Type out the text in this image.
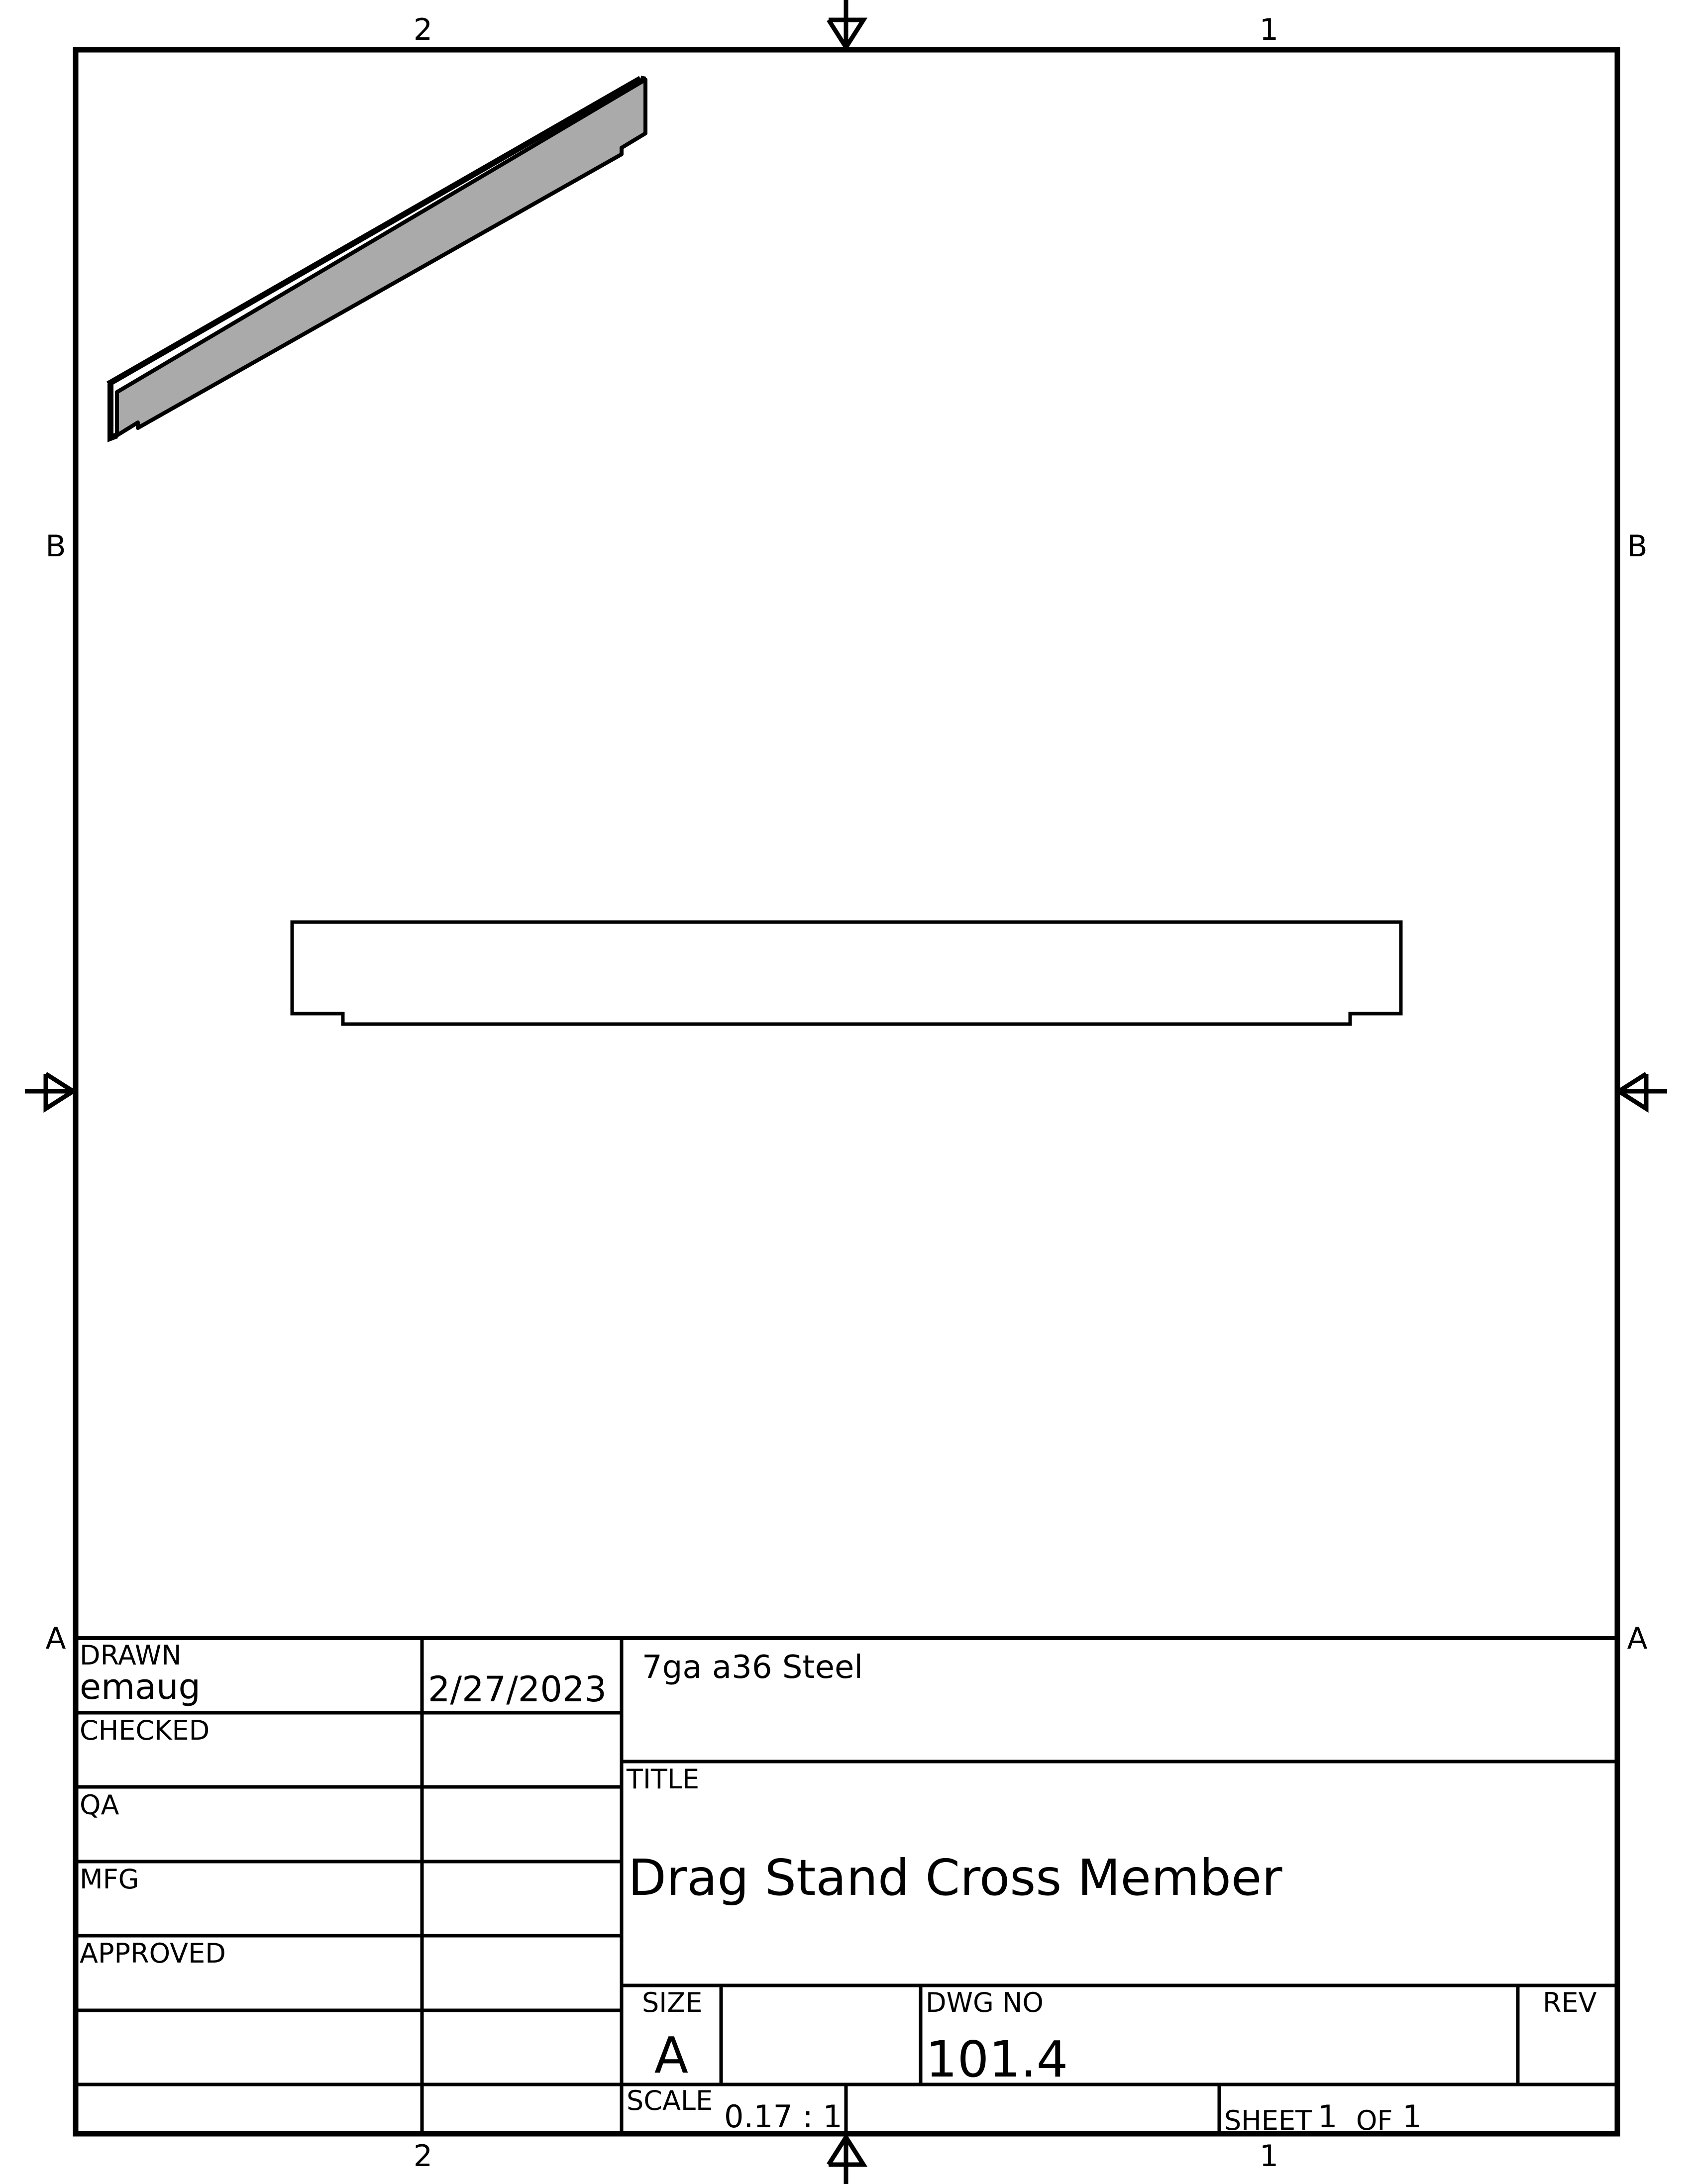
2	1
2	1
B	B
A	A
DRAWN
emaug	2/27/2023
CHECKED
QA
MFG
APPROVED
7ga a36 Steel
TITLE
Drag Stand Cross Member
SIZE
A
DWG NO
101.4
REV
SCALE 0.17 : 1	SHEET 1 OF 1
